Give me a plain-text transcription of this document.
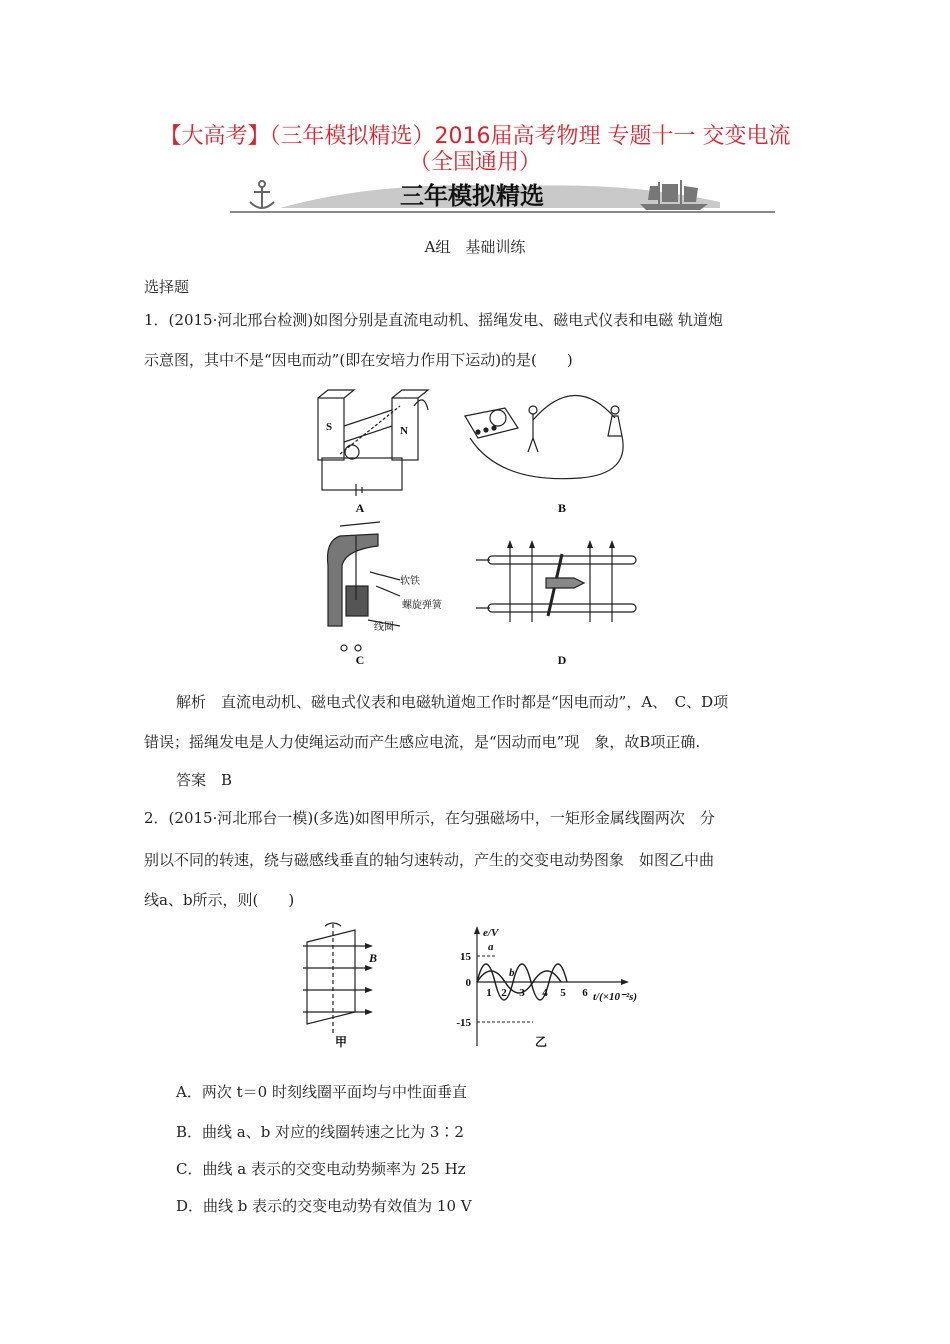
【大高考】（三年模拟精选）2016届高考物理 专题十一 交变电流
（全国通用）
三年模拟精选
A组　基础训练
选择题
1．(2015·河北邢台检测)如图分别是直流电动机、摇绳发电、磁电式仪表和电磁 轨道炮
示意图，其中不是“因电而动”(即在安培力作用下运动)的是(　　)
S	N
A	B
软铁
螺旋弹簧
线圈
C	D
解析　直流电动机、磁电式仪表和电磁轨道炮工作时都是“因电而动”，A、　C、D项
错误；摇绳发电是人力使绳运动而产生感应电流，是“因动而电”现　象，故B项正确.
答案　B
2．(2015·河北邢台一模)(多选)如图甲所示，在匀强磁场中，一矩形金属线圈两次　分
别以不同的转速，绕与磁感线垂直的轴匀速转动，产生的交变电动势图象　如图乙中曲
线a、b所示，则(　　)
B
甲
e/V
15
0
-15
1 2 3 4 5 6 t/(×10⁻²s)
a
b
乙
A．两次 t＝0 时刻线圈平面均与中性面垂直
B．曲线 a、b 对应的线圈转速之比为 3∶2
C．曲线 a 表示的交变电动势频率为 25 Hz
D．曲线 b 表示的交变电动势有效值为 10 V
